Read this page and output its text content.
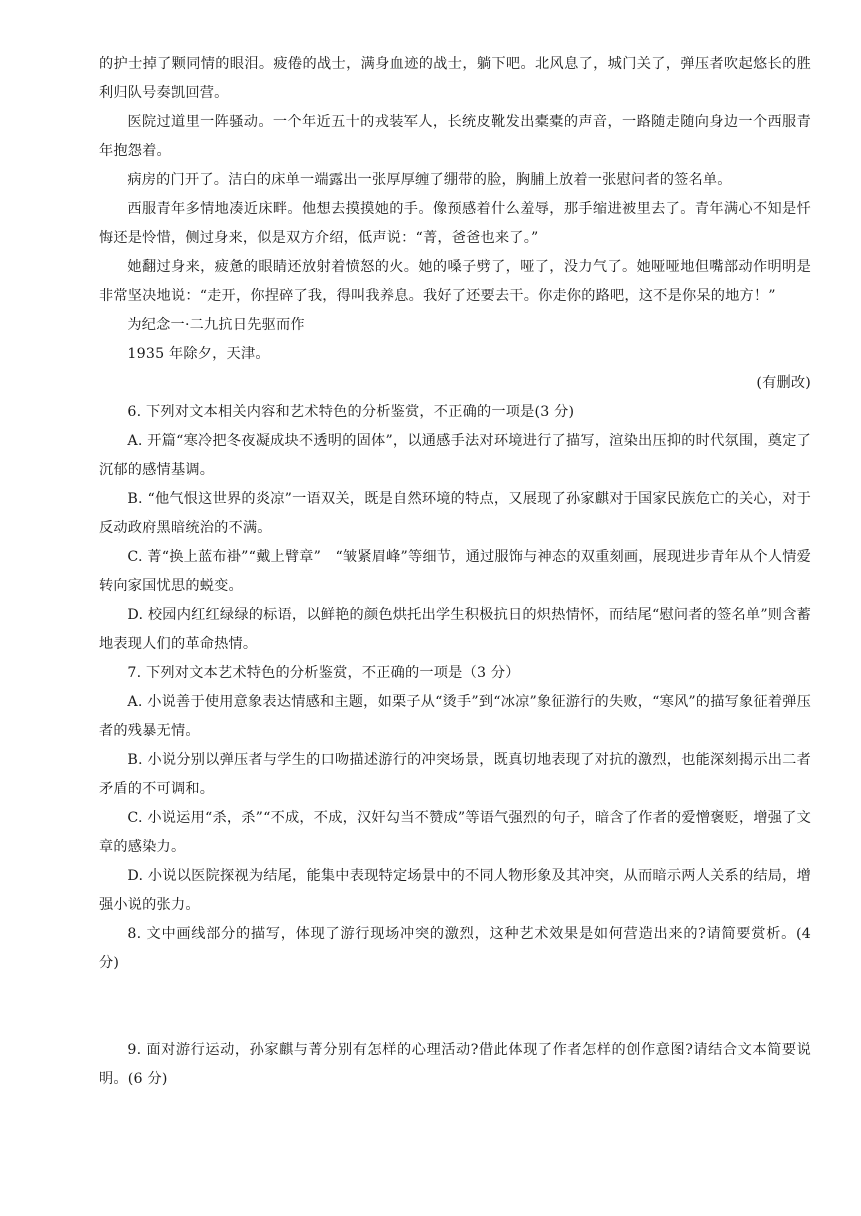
的护士掉了颗同情的眼泪。疲倦的战士，满身血迹的战士，躺下吧。北风息了，城门关了，弹压者吹起悠长的胜利归队号奏凯回营。

医院过道里一阵骚动。一个年近五十的戎装军人，长统皮靴发出橐橐的声音，一路随走随向身边一个西服青年抱怨着。

病房的门开了。洁白的床单一端露出一张厚厚缠了绷带的脸，胸脯上放着一张慰问者的签名单。

西服青年多情地凑近床畔。他想去摸摸她的手。像预感着什么羞辱，那手缩进被里去了。青年满心不知是忏悔还是怜惜，侧过身来，似是双方介绍，低声说：“菁，爸爸也来了。”

她翻过身来，疲惫的眼睛还放射着愤怒的火。她的嗓子劈了，哑了，没力气了。她哑哑地但嘴部动作明明是非常坚决地说：“走开，你捏碎了我，得叫我养息。我好了还要去干。你走你的路吧，这不是你呆的地方！”

为纪念一·二九抗日先驱而作

1935 年除夕，天津。

(有删改)

6. 下列对文本相关内容和艺术特色的分析鉴赏，不正确的一项是(3 分)

A. 开篇“寒冷把冬夜凝成块不透明的固体”，以通感手法对环境进行了描写，渲染出压抑的时代氛围，奠定了沉郁的感情基调。

B. “他气恨这世界的炎凉”一语双关，既是自然环境的特点，又展现了孙家麒对于国家民族危亡的关心，对于反动政府黑暗统治的不满。

C. 菁“换上蓝布褂”“戴上臂章”　“皱紧眉峰”等细节，通过服饰与神态的双重刻画，展现进步青年从个人情爱转向家国忧思的蜕变。

D. 校园内红红绿绿的标语，以鲜艳的颜色烘托出学生积极抗日的炽热情怀，而结尾“慰问者的签名单”则含蓄地表现人们的革命热情。

7. 下列对文本艺术特色的分析鉴赏，不正确的一项是（3 分）

A. 小说善于使用意象表达情感和主题，如栗子从“烫手”到“冰凉”象征游行的失败，“寒风”的描写象征着弹压者的残暴无情。

B. 小说分别以弹压者与学生的口吻描述游行的冲突场景，既真切地表现了对抗的激烈，也能深刻揭示出二者矛盾的不可调和。

C. 小说运用“杀，杀”“不成，不成，汉奸勾当不赞成”等语气强烈的句子，暗含了作者的爱憎褒贬，增强了文章的感染力。

D. 小说以医院探视为结尾，能集中表现特定场景中的不同人物形象及其冲突，从而暗示两人关系的结局，增强小说的张力。

8. 文中画线部分的描写，体现了游行现场冲突的激烈，这种艺术效果是如何营造出来的?请简要赏析。(4 分)

9. 面对游行运动，孙家麒与菁分别有怎样的心理活动?借此体现了作者怎样的创作意图?请结合文本简要说明。(6 分)
